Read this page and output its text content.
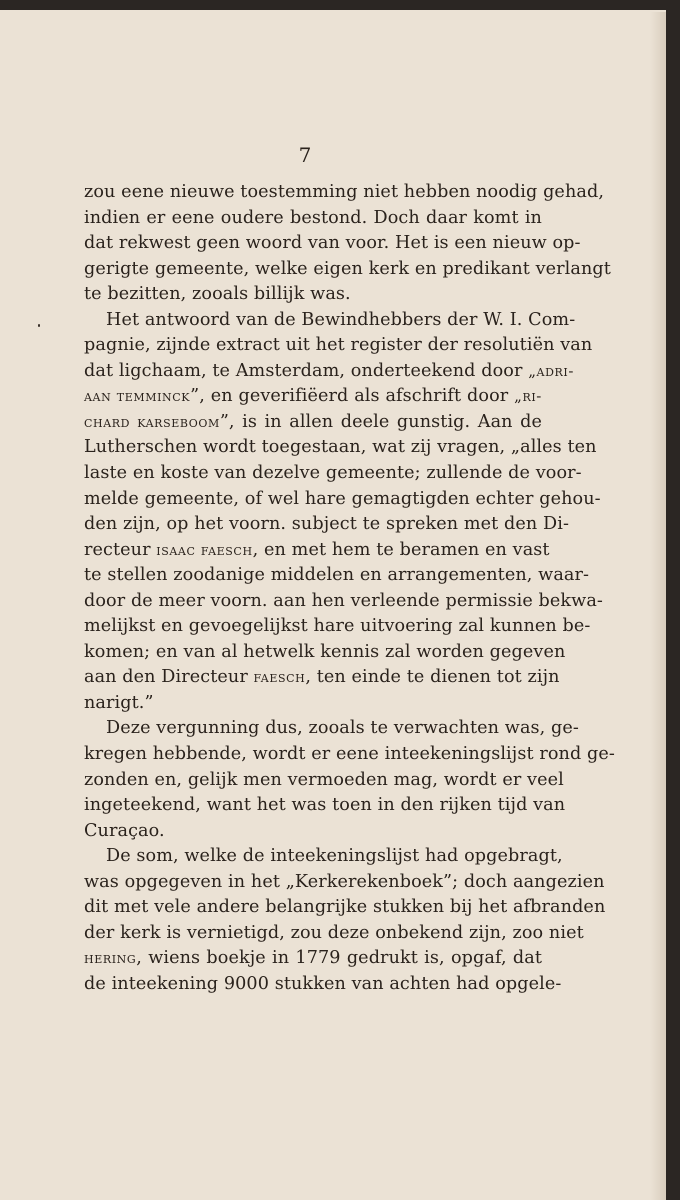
7
zou eene nieuwe toestemming niet hebben noodig gehad,
indien er eene oudere bestond. Doch daar komt in
dat rekwest geen woord van voor. Het is een nieuw op-
gerigte gemeente, welke eigen kerk en predikant verlangt
te bezitten, zooals billijk was.
Het antwoord van de Bewindhebbers der W. I. Com-
pagnie, zijnde extract uit het register der resolutiën van
dat ligchaam, te Amsterdam, onderteekend door „adri-
aan temminck”, en geverifiëerd als afschrift door „ri-
chard karseboom”, is in allen deele gunstig. Aan de
Lutherschen wordt toegestaan, wat zij vragen, „alles ten
laste en koste van dezelve gemeente; zullende de voor-
melde gemeente, of wel hare gemagtigden echter gehou-
den zijn, op het voorn. subject te spreken met den Di-
recteur isaac faesch, en met hem te beramen en vast
te stellen zoodanige middelen en arrangementen, waar-
door de meer voorn. aan hen verleende permissie bekwa-
melijkst en gevoegelijkst hare uitvoering zal kunnen be-
komen; en van al hetwelk kennis zal worden gegeven
aan den Directeur faesch, ten einde te dienen tot zijn
narigt.”
Deze vergunning dus, zooals te verwachten was, ge-
kregen hebbende, wordt er eene inteekeningslijst rond ge-
zonden en, gelijk men vermoeden mag, wordt er veel
ingeteekend, want het was toen in den rijken tijd van
Curaçao.
De som, welke de inteekeningslijst had opgebragt,
was opgegeven in het „Kerkerekenboek”; doch aangezien
dit met vele andere belangrijke stukken bij het afbranden
der kerk is vernietigd, zou deze onbekend zijn, zoo niet
hering, wiens boekje in 1779 gedrukt is, opgaf, dat
de inteekening 9000 stukken van achten had opgele-
